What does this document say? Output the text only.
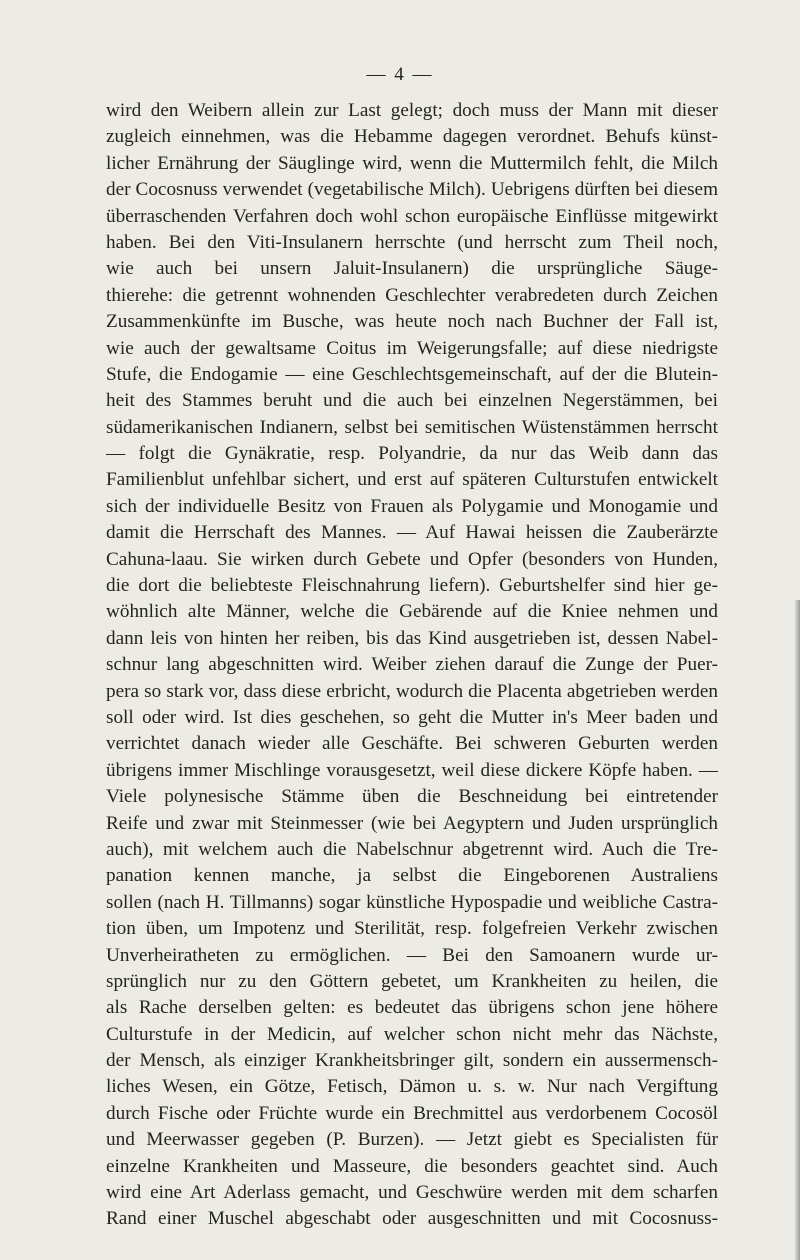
— 4 —
wird den Weibern allein zur Last gelegt; doch muss der Mann mit dieser
zugleich einnehmen, was die Hebamme dagegen verordnet. Behufs künst-
licher Ernährung der Säuglinge wird, wenn die Muttermilch fehlt, die Milch
der Cocosnuss verwendet (vegetabilische Milch). Uebrigens dürften bei diesem
überraschenden Verfahren doch wohl schon europäische Einflüsse mitgewirkt
haben. Bei den Viti-Insulanern herrschte (und herrscht zum Theil noch,
wie auch bei unsern Jaluit-Insulanern) die ursprüngliche Säuge-
thierehe: die getrennt wohnenden Geschlechter verabredeten durch Zeichen
Zusammenkünfte im Busche, was heute noch nach Buchner der Fall ist,
wie auch der gewaltsame Coitus im Weigerungsfalle; auf diese niedrigste
Stufe, die Endogamie — eine Geschlechtsgemeinschaft, auf der die Blutein-
heit des Stammes beruht und die auch bei einzelnen Negerstämmen, bei
südamerikanischen Indianern, selbst bei semitischen Wüstenstämmen herrscht
— folgt die Gynäkratie, resp. Polyandrie, da nur das Weib dann das
Familienblut unfehlbar sichert, und erst auf späteren Culturstufen entwickelt
sich der individuelle Besitz von Frauen als Polygamie und Monogamie und
damit die Herrschaft des Mannes. — Auf Hawai heissen die Zauberärzte
Cahuna-laau. Sie wirken durch Gebete und Opfer (besonders von Hunden,
die dort die beliebteste Fleischnahrung liefern). Geburtshelfer sind hier ge-
wöhnlich alte Männer, welche die Gebärende auf die Kniee nehmen und
dann leis von hinten her reiben, bis das Kind ausgetrieben ist, dessen Nabel-
schnur lang abgeschnitten wird. Weiber ziehen darauf die Zunge der Puer-
pera so stark vor, dass diese erbricht, wodurch die Placenta abgetrieben werden
soll oder wird. Ist dies geschehen, so geht die Mutter in's Meer baden und
verrichtet danach wieder alle Geschäfte. Bei schweren Geburten werden
übrigens immer Mischlinge vorausgesetzt, weil diese dickere Köpfe haben. —
Viele polynesische Stämme üben die Beschneidung bei eintretender
Reife und zwar mit Steinmesser (wie bei Aegyptern und Juden ursprünglich
auch), mit welchem auch die Nabelschnur abgetrennt wird. Auch die Tre-
panation kennen manche, ja selbst die Eingeborenen Australiens
sollen (nach H. Tillmanns) sogar künstliche Hypospadie und weibliche Castra-
tion üben, um Impotenz und Sterilität, resp. folgefreien Verkehr zwischen
Unverheiratheten zu ermöglichen. — Bei den Samoanern wurde ur-
sprünglich nur zu den Göttern gebetet, um Krankheiten zu heilen, die
als Rache derselben gelten: es bedeutet das übrigens schon jene höhere
Culturstufe in der Medicin, auf welcher schon nicht mehr das Nächste,
der Mensch, als einziger Krankheitsbringer gilt, sondern ein aussermensch-
liches Wesen, ein Götze, Fetisch, Dämon u. s. w. Nur nach Vergiftung
durch Fische oder Früchte wurde ein Brechmittel aus verdorbenem Cocosöl
und Meerwasser gegeben (P. Burzen). — Jetzt giebt es Specialisten für
einzelne Krankheiten und Masseure, die besonders geachtet sind. Auch
wird eine Art Aderlass gemacht, und Geschwüre werden mit dem scharfen
Rand einer Muschel abgeschabt oder ausgeschnitten und mit Cocosnuss-
